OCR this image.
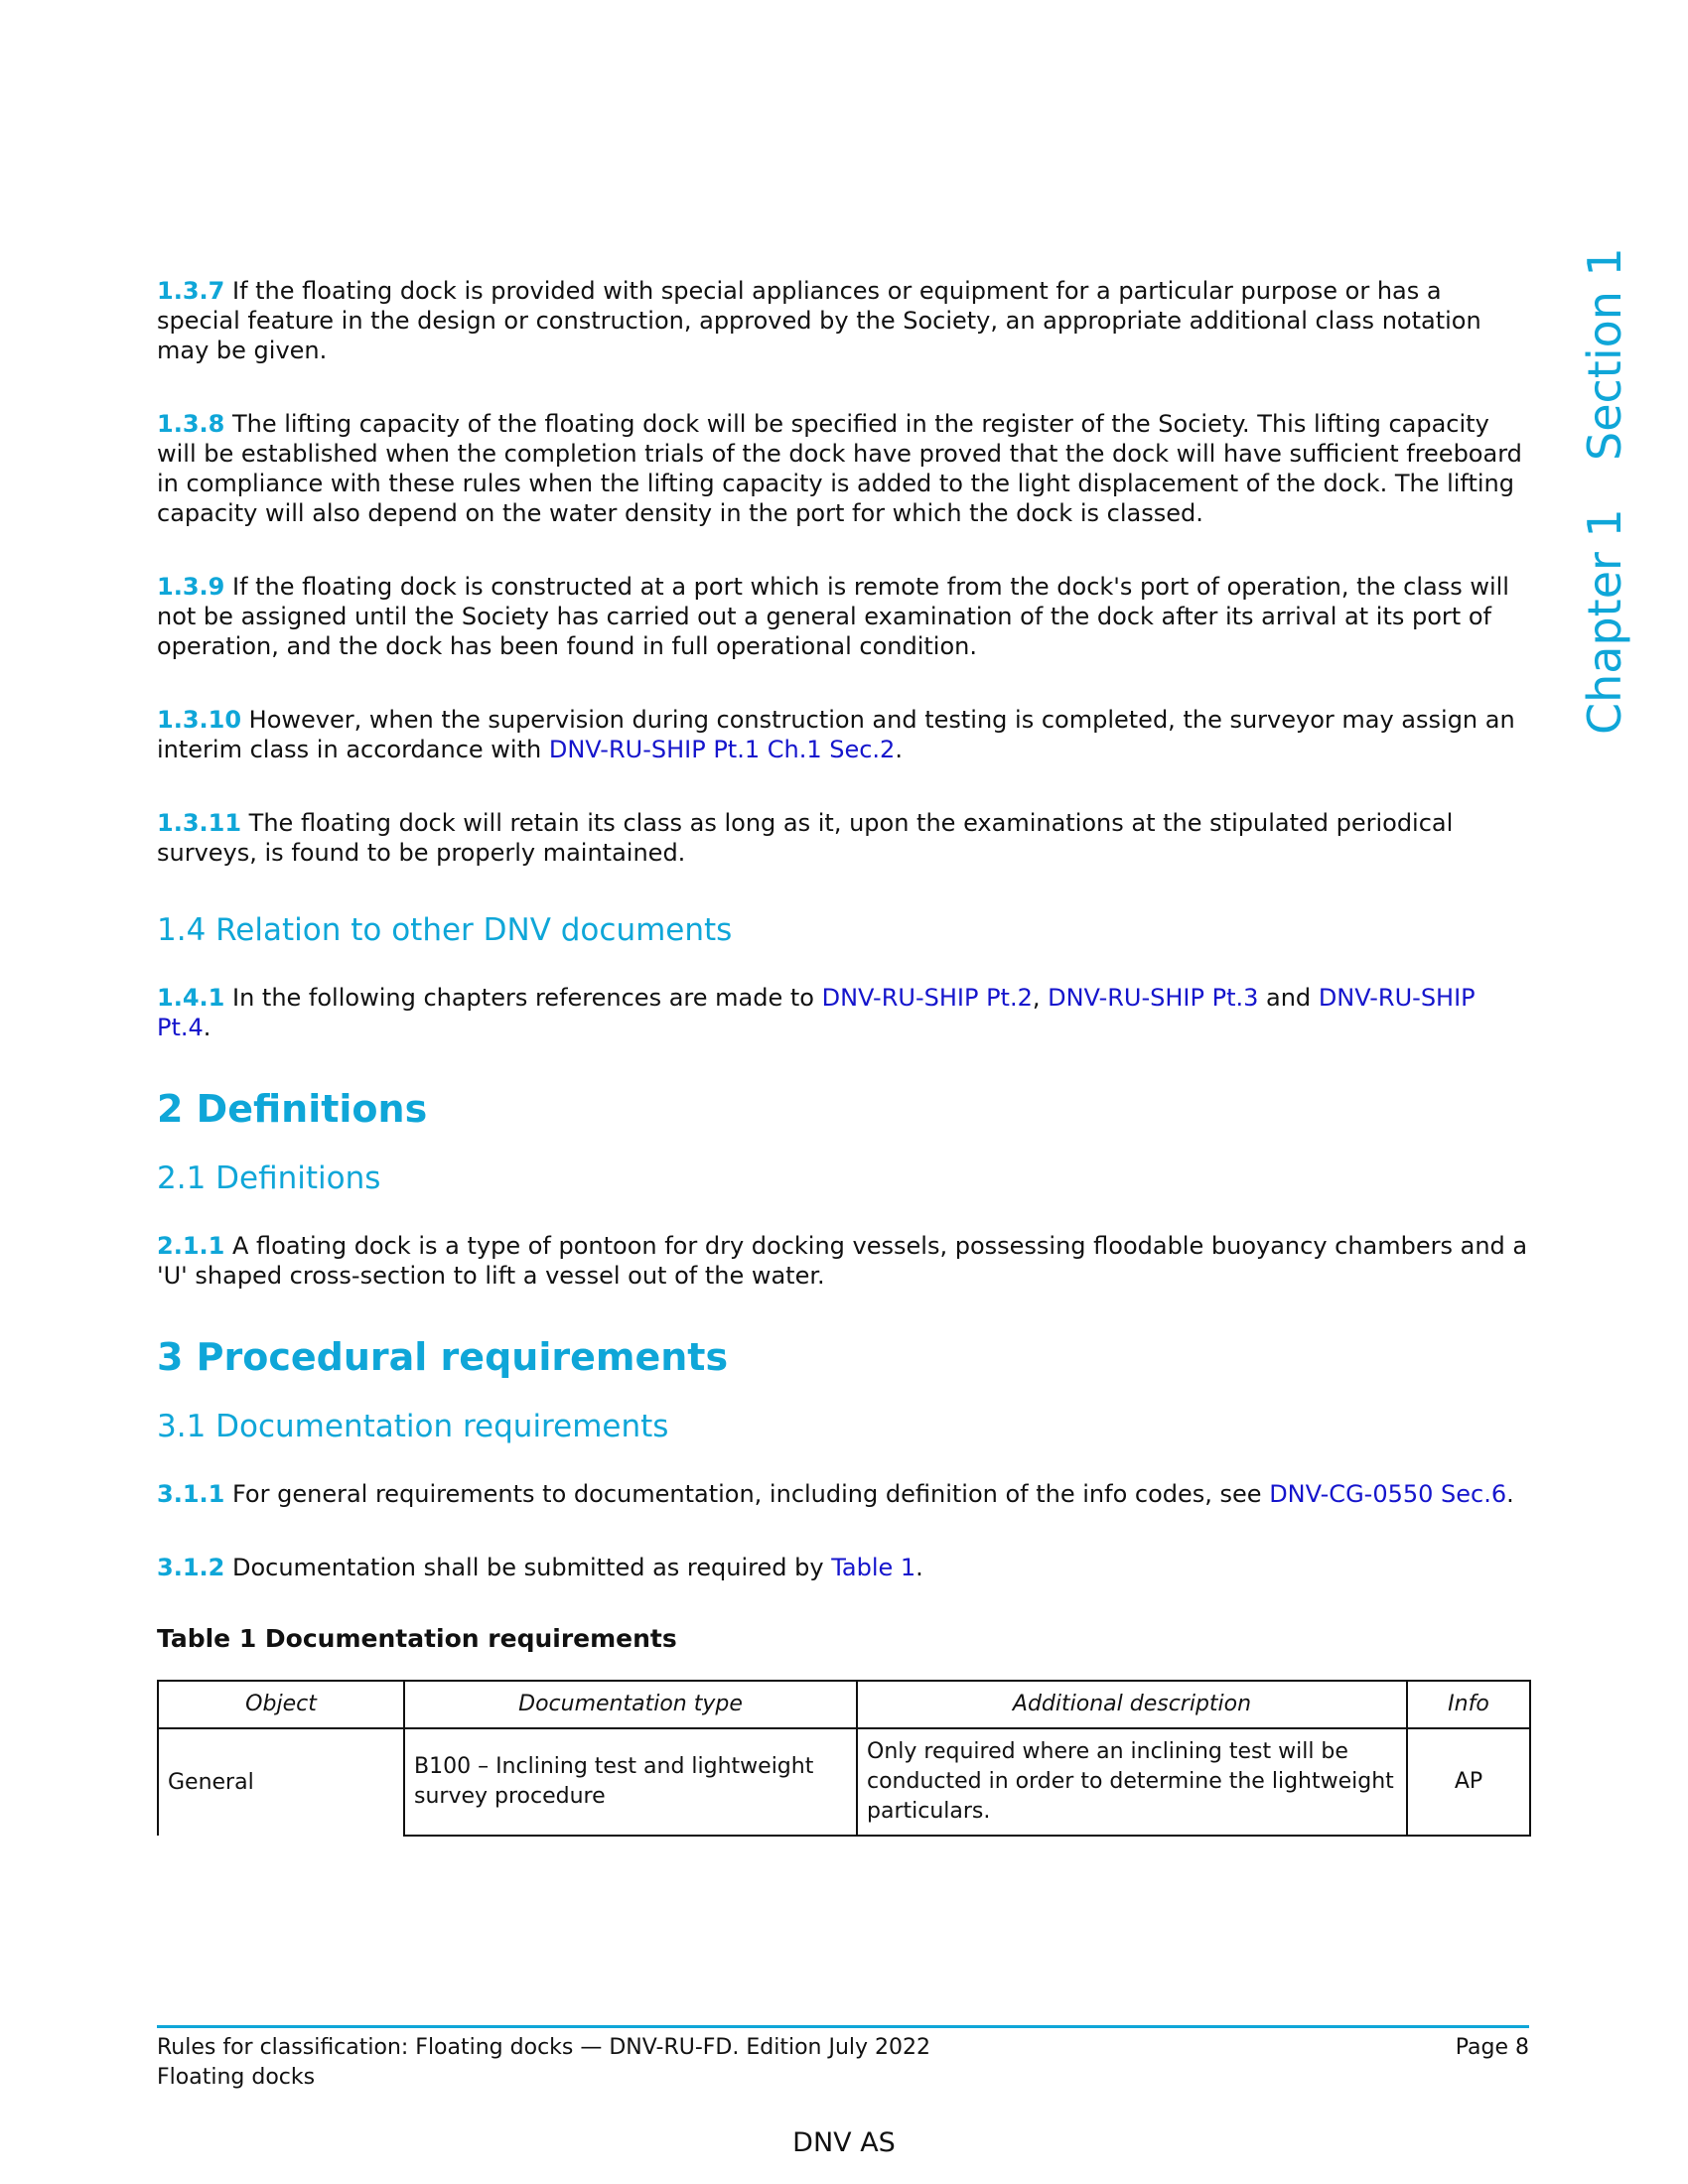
Chapter 1 Section 1

1.3.7 If the floating dock is provided with special appliances or equipment for a particular purpose or has a special feature in the design or construction, approved by the Society, an appropriate additional class notation may be given.

1.3.8 The lifting capacity of the floating dock will be specified in the register of the Society. This lifting capacity will be established when the completion trials of the dock have proved that the dock will have sufficient freeboard in compliance with these rules when the lifting capacity is added to the light displacement of the dock. The lifting capacity will also depend on the water density in the port for which the dock is classed.

1.3.9 If the floating dock is constructed at a port which is remote from the dock's port of operation, the class will not be assigned until the Society has carried out a general examination of the dock after its arrival at its port of operation, and the dock has been found in full operational condition.

1.3.10 However, when the supervision during construction and testing is completed, the surveyor may assign an interim class in accordance with DNV-RU-SHIP Pt.1 Ch.1 Sec.2.

1.3.11 The floating dock will retain its class as long as it, upon the examinations at the stipulated periodical surveys, is found to be properly maintained.

1.4 Relation to other DNV documents

1.4.1 In the following chapters references are made to DNV-RU-SHIP Pt.2, DNV-RU-SHIP Pt.3 and DNV-RU-SHIP Pt.4.

2 Definitions
2.1 Definitions

2.1.1 A floating dock is a type of pontoon for dry docking vessels, possessing floodable buoyancy chambers and a 'U' shaped cross-section to lift a vessel out of the water.

3 Procedural requirements
3.1 Documentation requirements

3.1.1 For general requirements to documentation, including definition of the info codes, see DNV-CG-0550 Sec.6.

3.1.2 Documentation shall be submitted as required by Table 1.

Table 1 Documentation requirements
Object	Documentation type	Additional description	Info
General	B100 – Inclining test and lightweight survey procedure	Only required where an inclining test will be conducted in order to determine the lightweight particulars.	AP
Rules for classification: Floating docks — DNV-RU-FD. Edition July 2022
Floating docks
Page 8
DNV AS
